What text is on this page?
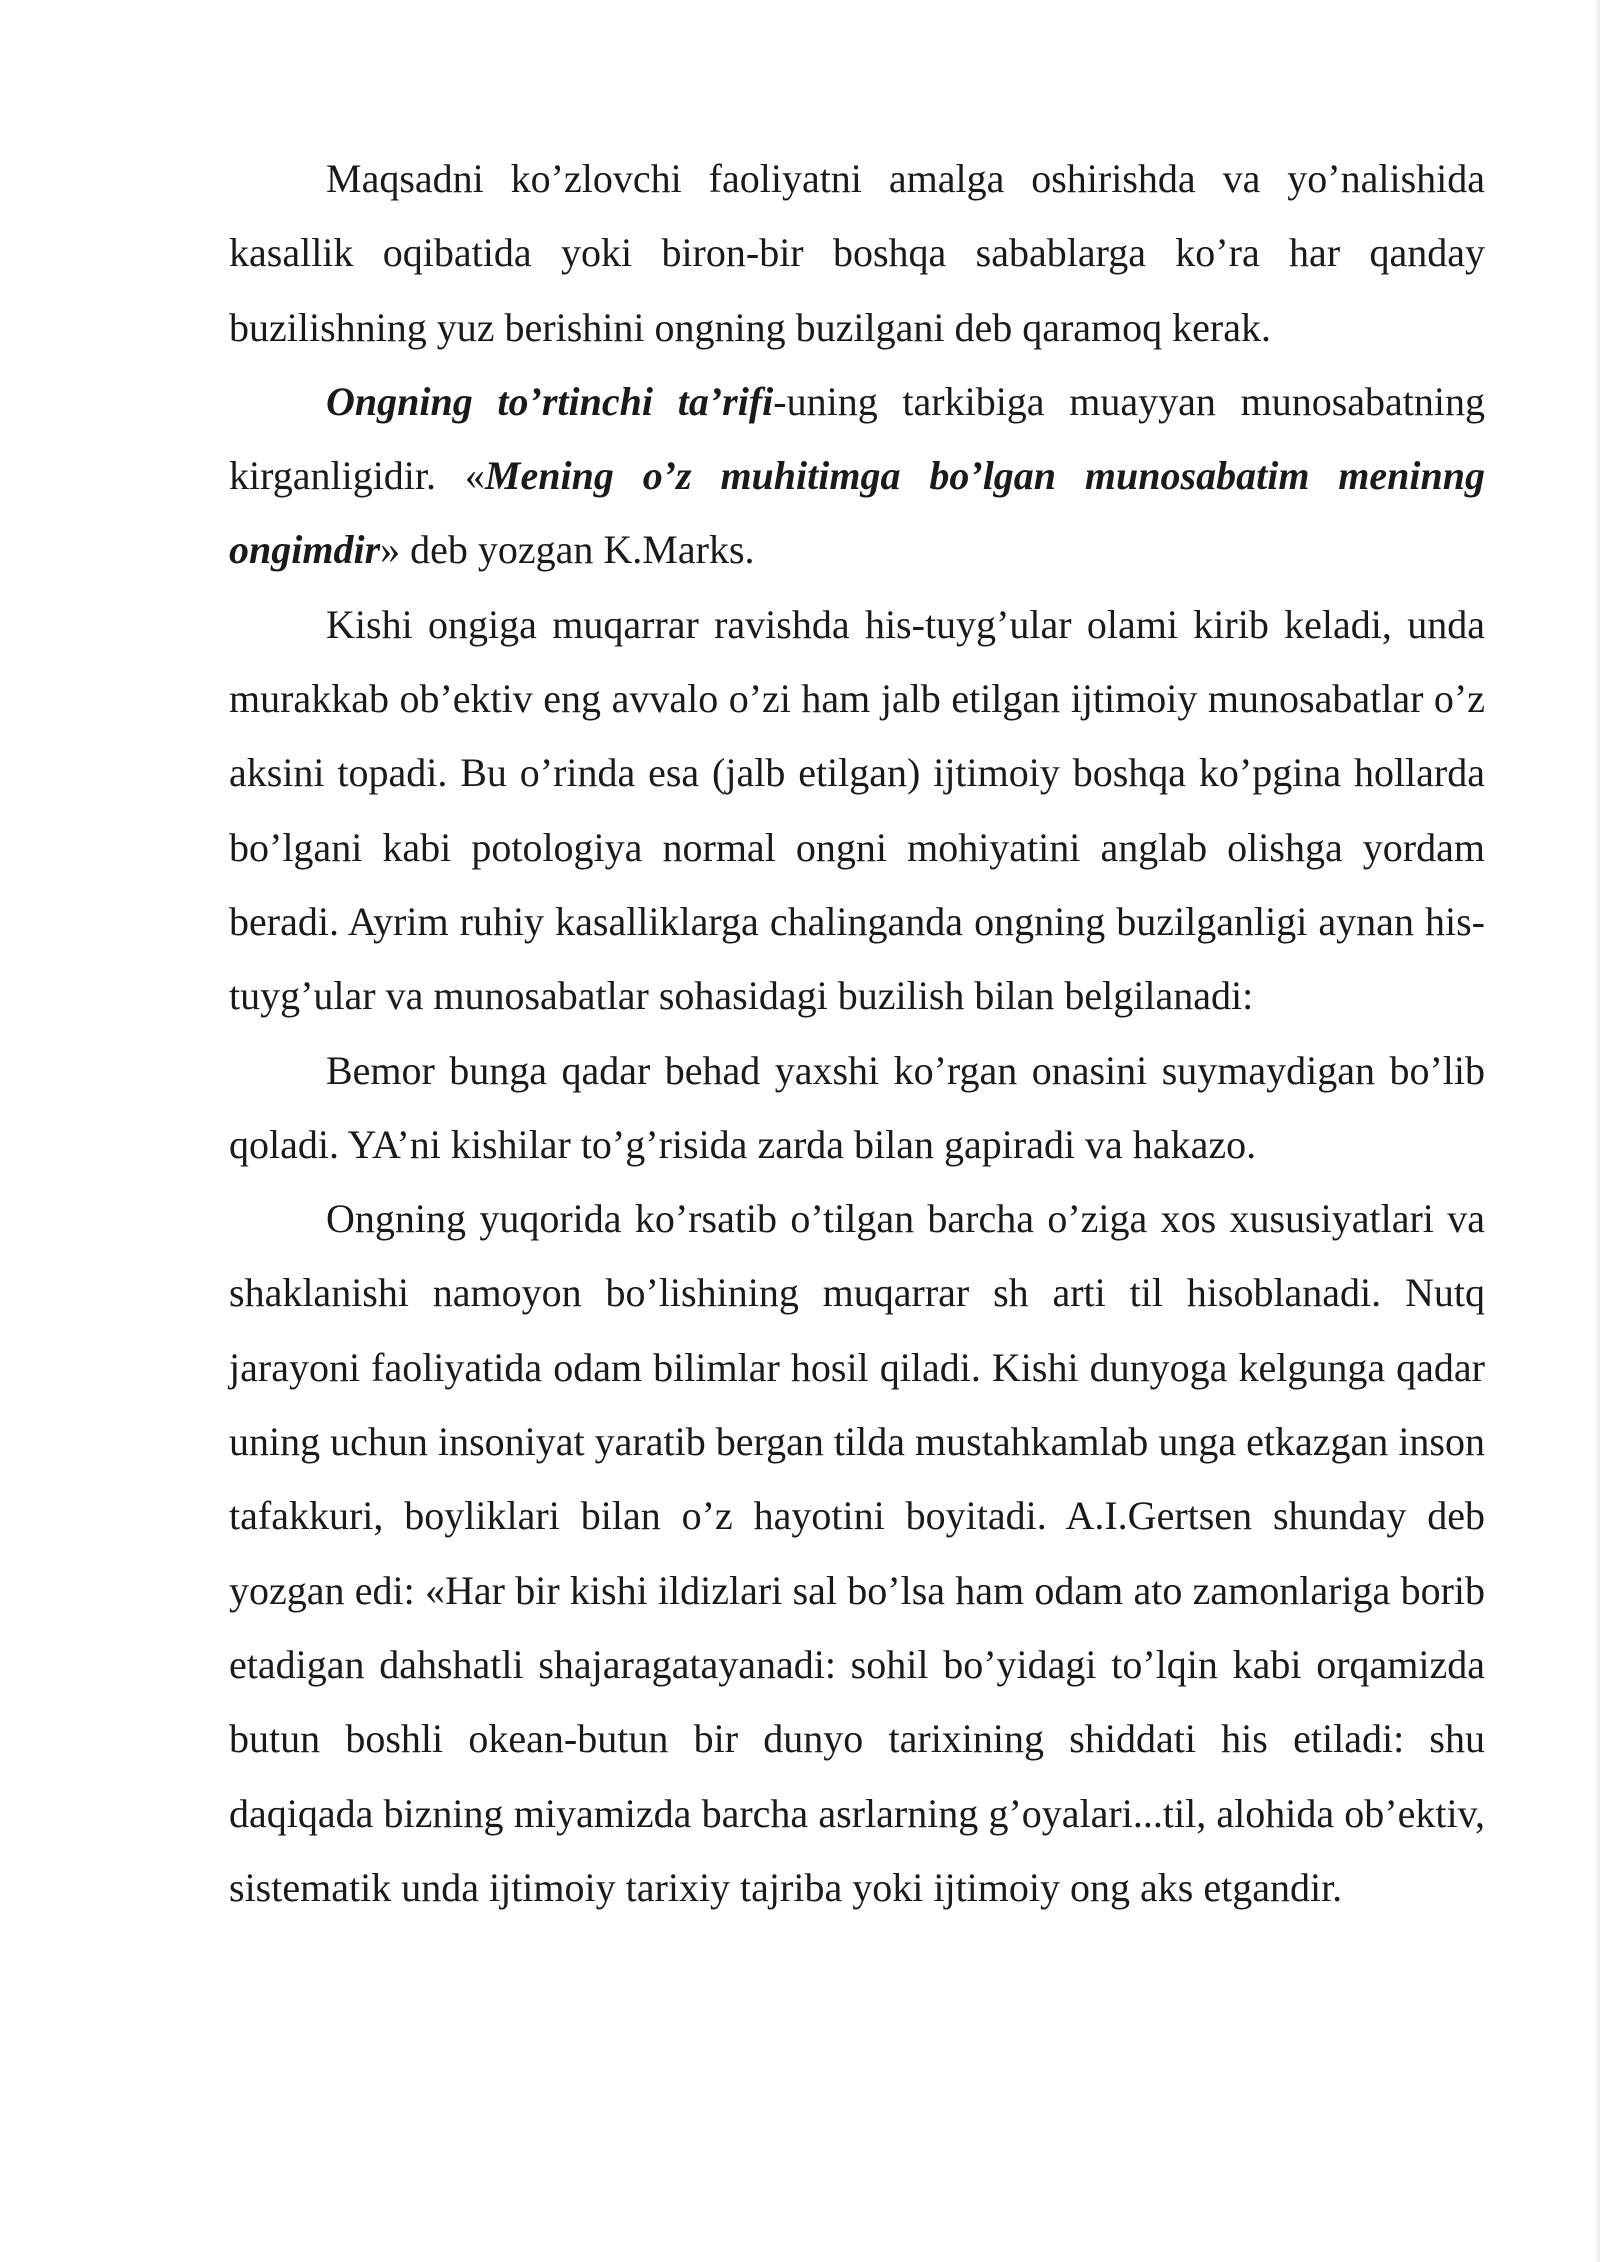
Maqsadni ko’zlovchi faoliyatni amalga oshirishda va yo’nalishida kasallik oqibatida yoki biron-bir boshqa sabablarga ko’ra har qanday buzilishning yuz berishini ongning buzilgani deb qaramoq kerak.

Ongning to’rtinchi ta’rifi-uning tarkibiga muayyan munosabatning kirganligidir. «Mening o’z muhitimga bo’lgan munosabatim meninng ongimdir» deb yozgan K.Marks.

Kishi ongiga muqarrar ravishda his-tuyg’ular olami kirib keladi, unda murakkab ob’ektiv eng avvalo o’zi ham jalb etilgan ijtimoiy munosabatlar o’z aksini topadi. Bu o’rinda esa (jalb etilgan) ijtimoiy boshqa ko’pgina hollarda bo’lgani kabi potologiya normal ongni mohiyatini anglab olishga yordam beradi. Ayrim ruhiy kasalliklarga chalinganda ongning buzilganligi aynan his-tuyg’ular va munosabatlar sohasidagi buzilish bilan belgilanadi:

Bemor bunga qadar behad yaxshi ko’rgan onasini suymaydigan bo’lib qoladi. YA’ni kishilar to’g’risida zarda bilan gapiradi va hakazo.

Ongning yuqorida ko’rsatib o’tilgan barcha o’ziga xos xususiyatlari va shaklanishi namoyon bo’lishining muqarrar sh arti til hisoblanadi. Nutq jarayoni faoliyatida odam bilimlar hosil qiladi. Kishi dunyoga kelgunga qadar uning uchun insoniyat yaratib bergan tilda mustahkamlab unga etkazgan inson tafakkuri, boyliklari bilan o’z hayotini boyitadi. A.I.Gertsen shunday deb yozgan edi: «Har bir kishi ildizlari sal bo’lsa ham odam ato zamonlariga borib etadigan dahshatli shajaragatayanadi: sohil bo’yidagi to’lqin kabi orqamizda butun boshli okean-butun bir dunyo tarixining shiddati his etiladi: shu daqiqada bizning miyamizda barcha asrlarning g’oyalari...til, alohida ob’ektiv, sistematik unda ijtimoiy tarixiy tajriba yoki ijtimoiy ong aks etgandir.
